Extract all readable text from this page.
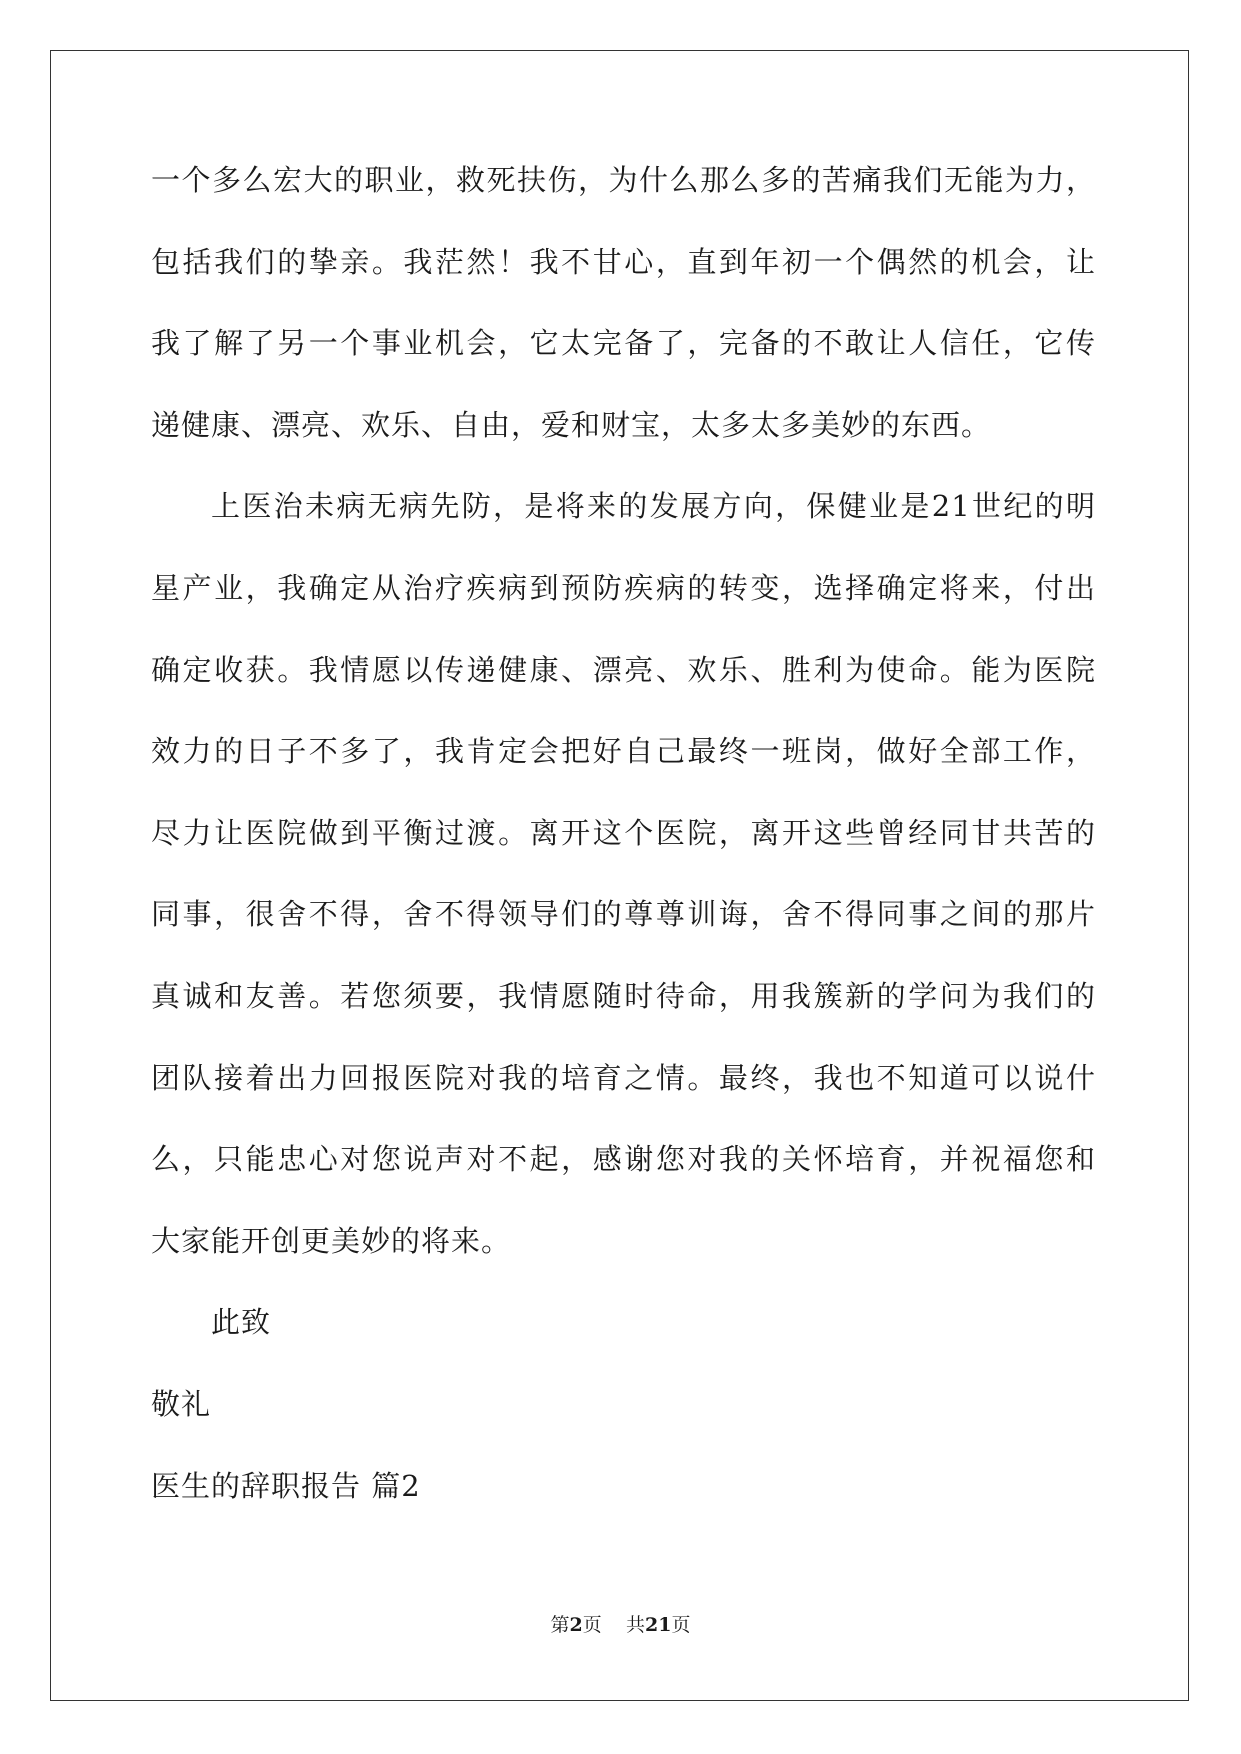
一个多么宏大的职业，救死扶伤，为什么那么多的苦痛我们无能为力，
包括我们的挚亲。我茫然！我不甘心，直到年初一个偶然的机会，让
我了解了另一个事业机会，它太完备了，完备的不敢让人信任，它传
递健康、漂亮、欢乐、自由，爱和财宝，太多太多美妙的东西。
上医治未病无病先防，是将来的发展方向，保健业是21世纪的明
星产业，我确定从治疗疾病到预防疾病的转变，选择确定将来，付出
确定收获。我情愿以传递健康、漂亮、欢乐、胜利为使命。能为医院
效力的日子不多了，我肯定会把好自己最终一班岗，做好全部工作，
尽力让医院做到平衡过渡。离开这个医院，离开这些曾经同甘共苦的
同事，很舍不得，舍不得领导们的尊尊训诲，舍不得同事之间的那片
真诚和友善。若您须要，我情愿随时待命，用我簇新的学问为我们的
团队接着出力回报医院对我的培育之情。最终，我也不知道可以说什
么，只能忠心对您说声对不起，感谢您对我的关怀培育，并祝福您和
大家能开创更美妙的将来。
此致
敬礼
医生的辞职报告 篇2
第2页 共21页
